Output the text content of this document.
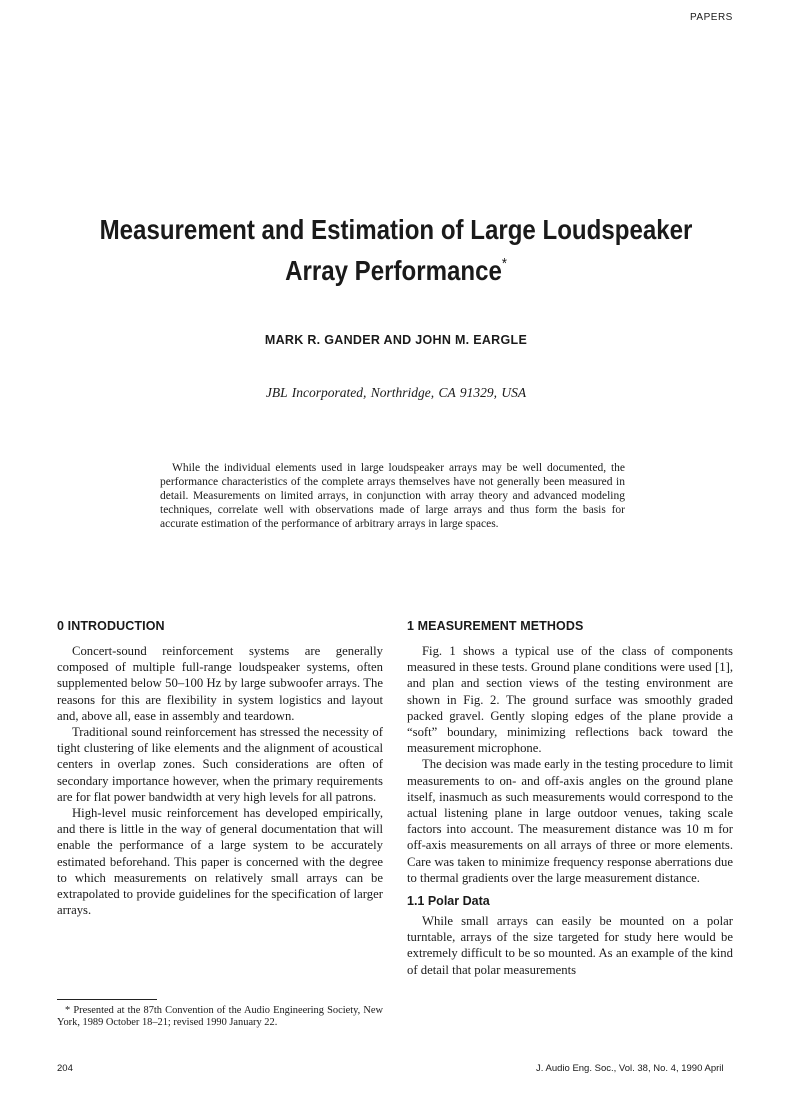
PAPERS
Measurement and Estimation of Large Loudspeaker
Array Performance*
MARK R. GANDER AND JOHN M. EARGLE
JBL Incorporated, Northridge, CA 91329, USA

While the individual elements used in large loudspeaker arrays may be well documented, the performance characteristics of the complete arrays themselves have not generally been measured in detail. Measurements on limited arrays, in conjunction with array theory and advanced modeling techniques, correlate well with observations made of large arrays and thus form the basis for accurate estimation of the performance of arbitrary arrays in large spaces.

0 INTRODUCTION

Concert-sound reinforcement systems are generally composed of multiple full-range loudspeaker systems, often supplemented below 50–100 Hz by large subwoofer arrays. The reasons for this are flexibility in system logistics and layout and, above all, ease in assembly and teardown.

Traditional sound reinforcement has stressed the necessity of tight clustering of like elements and the alignment of acoustical centers in overlap zones. Such considerations are often of secondary importance however, when the primary requirements are for flat power bandwidth at very high levels for all patrons.

High-level music reinforcement has developed empirically, and there is little in the way of general documentation that will enable the performance of a large system to be accurately estimated beforehand. This paper is concerned with the degree to which measurements on relatively small arrays can be extrapolated to provide guidelines for the specification of larger arrays.

1 MEASUREMENT METHODS

Fig. 1 shows a typical use of the class of components measured in these tests. Ground plane conditions were used [1], and plan and section views of the testing environment are shown in Fig. 2. The ground surface was smoothly graded packed gravel. Gently sloping edges of the plane provide a “soft” boundary, minimizing reflections back toward the measurement microphone.

The decision was made early in the testing procedure to limit measurements to on- and off-axis angles on the ground plane itself, inasmuch as such measurements would correspond to the actual listening plane in large outdoor venues, taking scale factors into account. The measurement distance was 10 m for off-axis measurements on all arrays of three or more elements. Care was taken to minimize frequency response aberrations due to thermal gradients over the large measurement distance.

1.1 Polar Data

While small arrays can easily be mounted on a polar turntable, arrays of the size targeted for study here would be extremely difficult to be so mounted. As an example of the kind of detail that polar measurements

* Presented at the 87th Convention of the Audio Engineering Society, New York, 1989 October 18–21; revised 1990 January 22.

204	J. Audio Eng. Soc., Vol. 38, No. 4, 1990 April
